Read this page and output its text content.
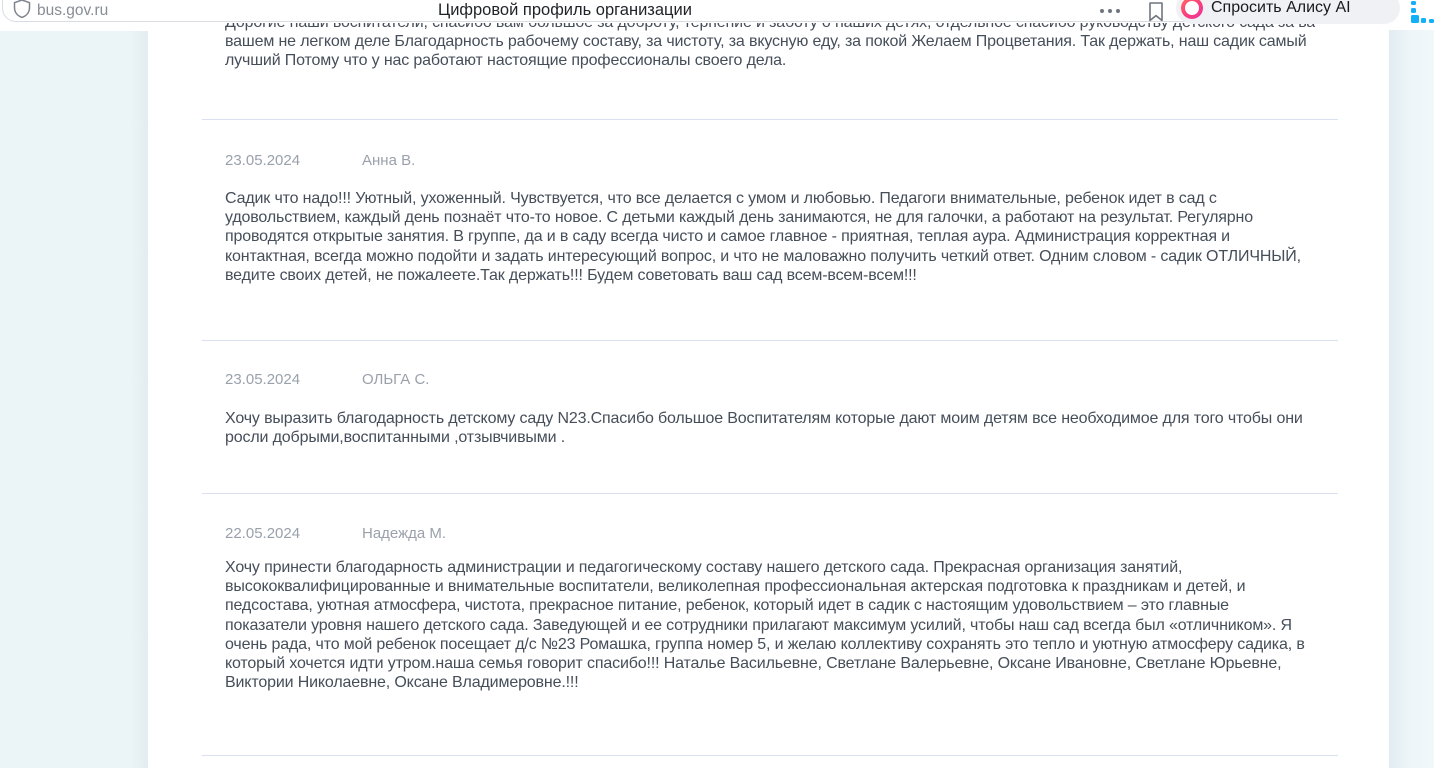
вашем не легком деле Благодарность рабочему составу, за чистоту, за вкусную еду, за покой Желаем Процветания. Так держать, наш садик самый лучший Потому что у нас работают настоящие профессионалы своего дела.
23.05.2024	Анна В.
Садик что надо!!! Уютный, ухоженный. Чувствуется, что все делается с умом и любовью. Педагоги внимательные, ребенок идет в сад с удовольствием, каждый день познаёт что-то новое. С детьми каждый день занимаются, не для галочки, а работают на результат. Регулярно проводятся открытые занятия. В группе, да и в саду всегда чисто и самое главное - приятная, теплая аура. Администрация корректная и контактная, всегда можно подойти и задать интересующий вопрос, и что не маловажно получить четкий ответ. Одним словом - садик ОТЛИЧНЫЙ, ведите своих детей, не пожалеете.Так держать!!! Будем советовать ваш сад всем-всем-всем!!!
23.05.2024	ОЛЬГА С.
Хочу выразить благодарность детскому саду N23.Спасибо большое Воспитателям которые дают моим детям все необходимое для того чтобы они росли добрыми,воспитанными ,отзывчивыми .
22.05.2024	Надежда М.
Хочу принести благодарность администрации и педагогическому составу нашего детского сада. Прекрасная организация занятий, высококвалифицированные и внимательные воспитатели, великолепная профессиональная актерская подготовка к праздникам и детей, и педсостава, уютная атмосфера, чистота, прекрасное питание, ребенок, который идет в садик с настоящим удовольствием – это главные показатели уровня нашего детского сада. Заведующей и ее сотрудники прилагают максимум усилий, чтобы наш сад всегда был «отличником». Я очень рада, что мой ребенок посещает д/с №23 Ромашка, группа номер 5, и желаю коллективу сохранять это тепло и уютную атмосферу садика, в который хочется идти утром.наша семья говорит спасибо!!! Наталье Васильевне, Светлане Валерьевне, Оксане Ивановне, Светлане Юрьевне, Виктории Николаевне, Оксане Владимеровне.!!!
bus.gov.ru	Цифровой профиль организации	Спросить Алису AI
